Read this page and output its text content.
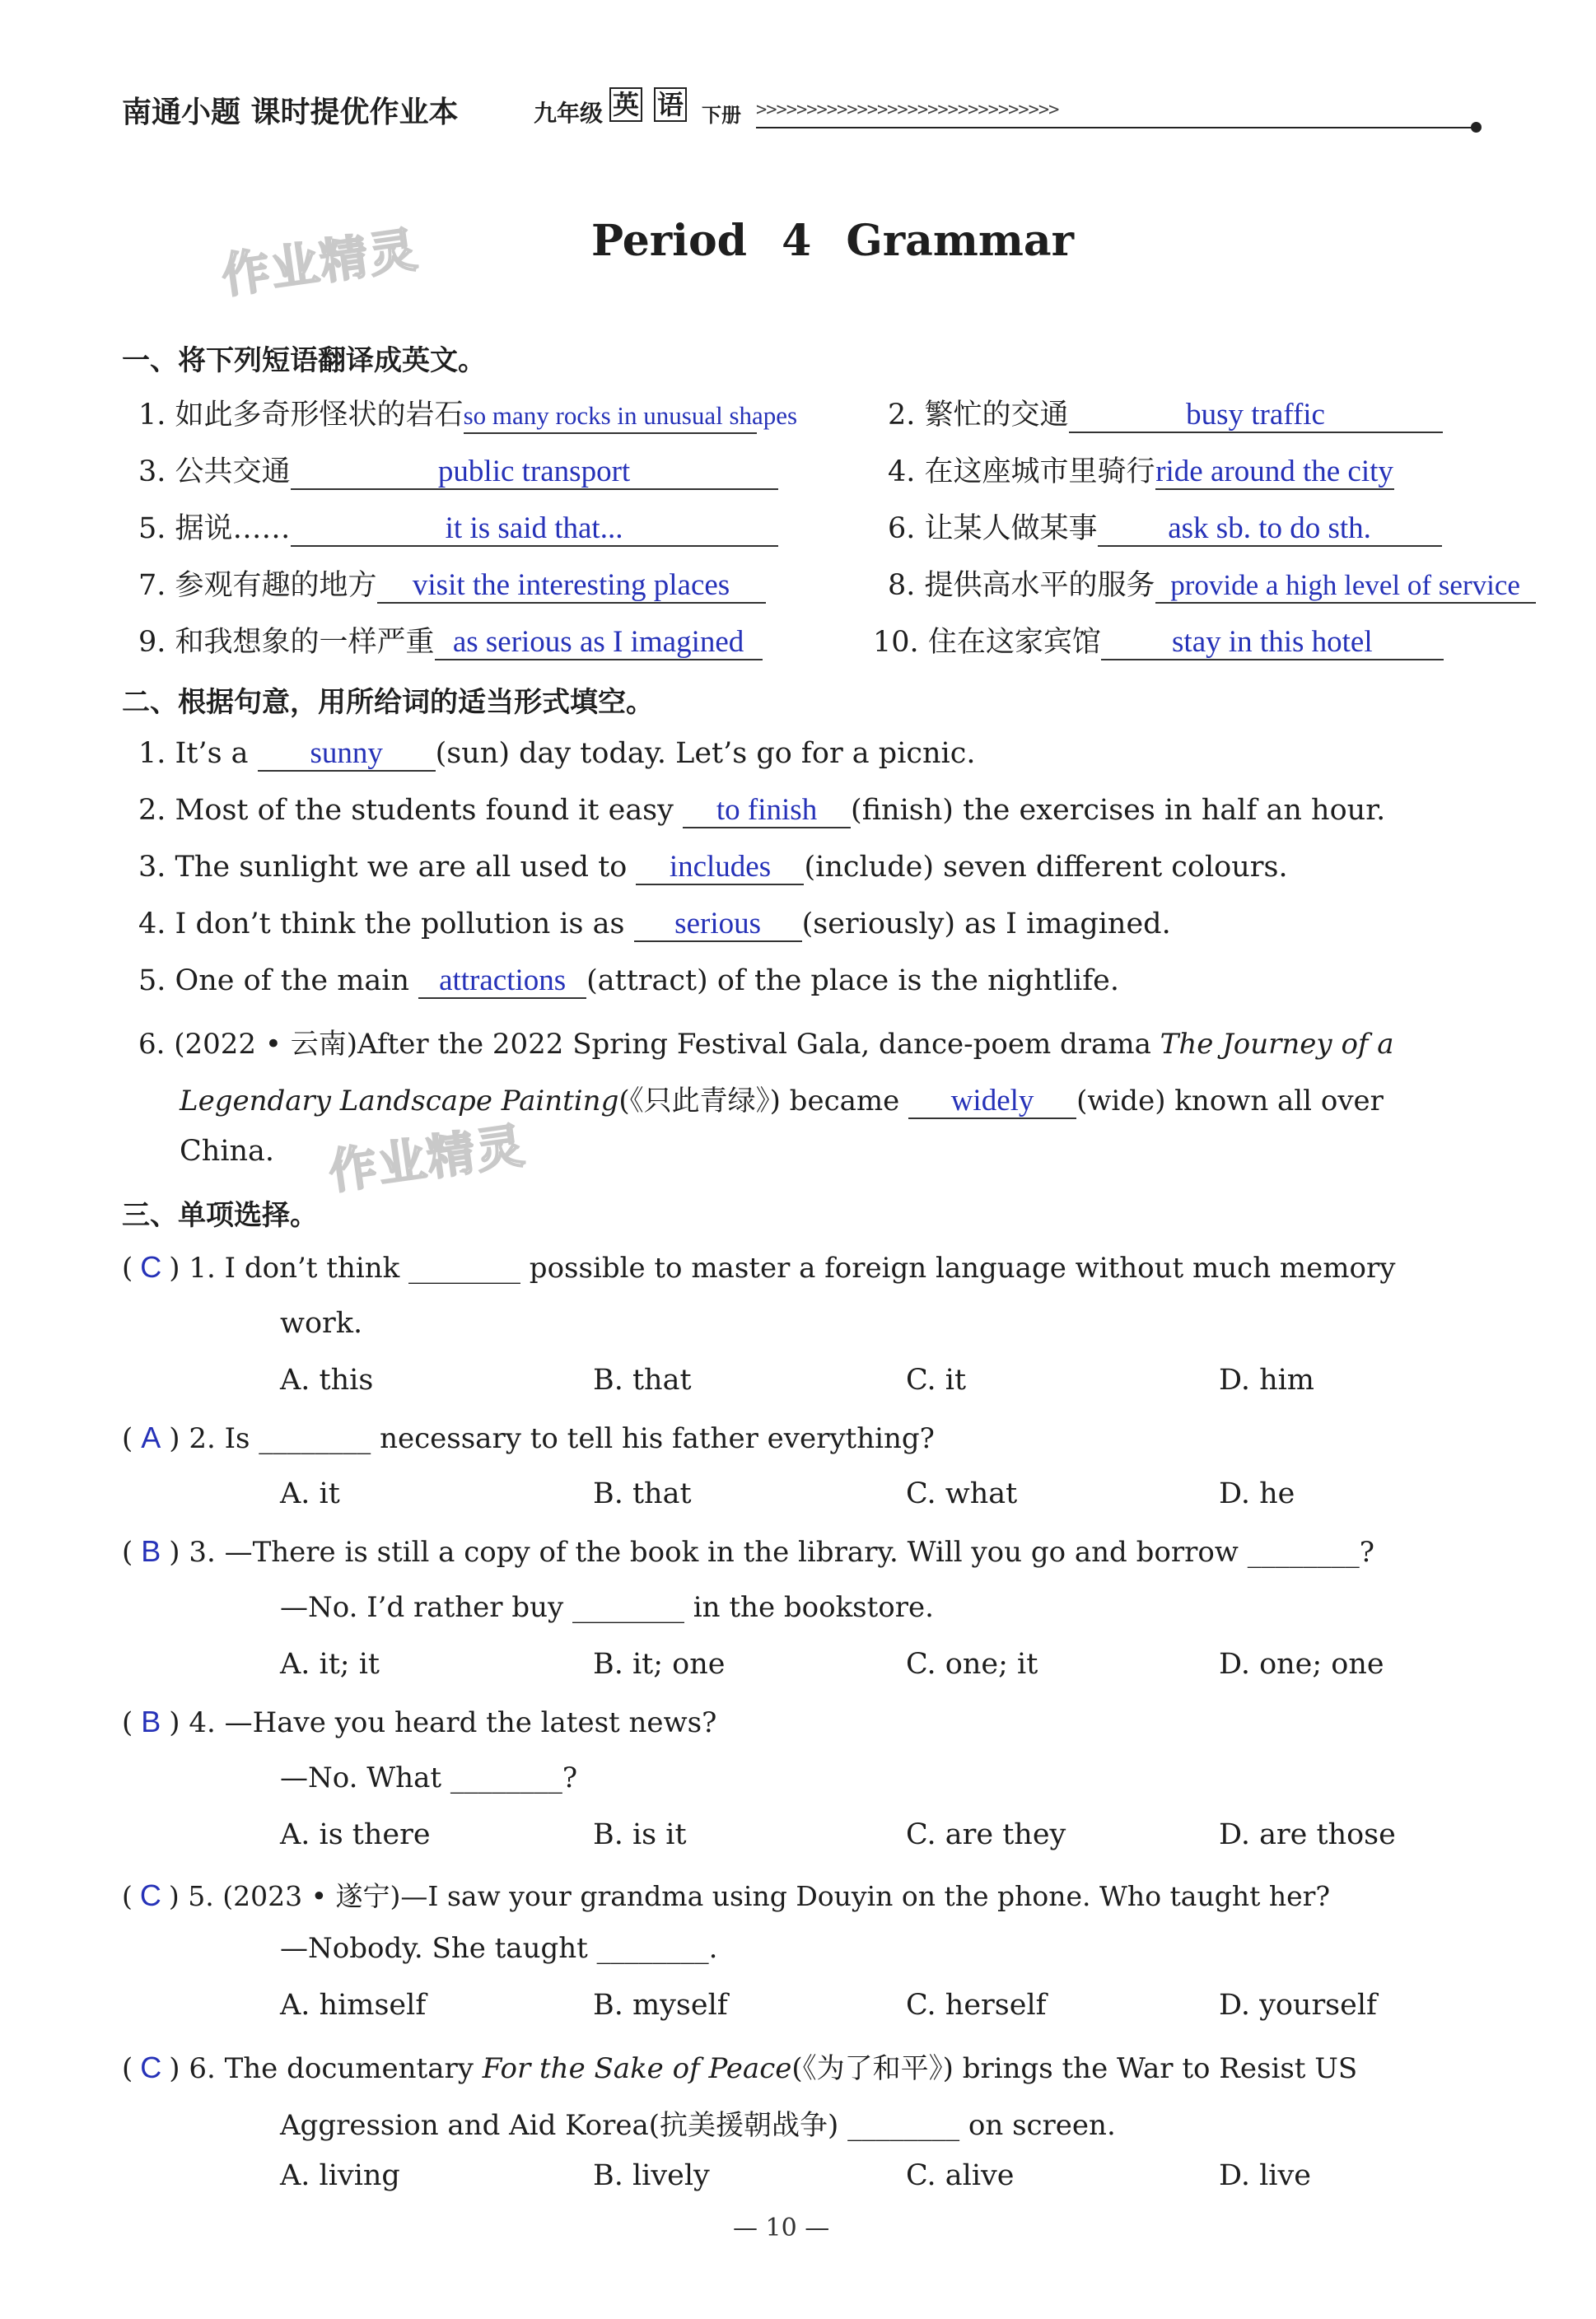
南通小题 课时提优作业本	九年级 英 语 下册 >>>>>>>>>>>>>>>>>>>>>>>>>>>>>>
作业精灵
作业精灵
Period 4 Grammar
一、将下列短语翻译成英文。
1. 如此多奇形怪状的岩石so many rocks in unusual shapes	2. 繁忙的交通	busy traffic
3. 公共交通	public transport	4. 在这座城市里骑行ride around the city
5. 据说……	it is said that...	6. 让某人做某事 ask sb. to do sth.
7. 参观有趣的地方 visit the interesting places	8. 提供高水平的服务 provide a high level of service
9. 和我想象的一样严重 as serious as I imagined	10. 住在这家宾馆 stay in this hotel
二、根据句意，用所给词的适当形式填空。
1. It’s a sunny (sun) day today. Let’s go for a picnic.
2. Most of the students found it easy to finish (finish) the exercises in half an hour.
3. The sunlight we are all used to includes (include) seven different colours.
4. I don’t think the pollution is as serious (seriously) as I imagined.
5. One of the main attractions (attract) of the place is the nightlife.
6. (2022 • 云南)After the 2022 Spring Festival Gala, dance-poem drama The Journey of a
Legendary Landscape Painting(《只此青绿》) became widely (wide) known all over
China.
三、单项选择。
( C ) 1. I don’t think ________ possible to master a foreign language without much memory
work.
A. this	B. that	C. it	D. him
( A ) 2. Is ________ necessary to tell his father everything?
A. it	B. that	C. what	D. he
( B ) 3. —There is still a copy of the book in the library. Will you go and borrow ________?
—No. I’d rather buy ________ in the bookstore.
A. it; it	B. it; one	C. one; it	D. one; one
( B ) 4. —Have you heard the latest news?
—No. What ________?
A. is there	B. is it	C. are they	D. are those
( C ) 5. (2023 • 遂宁)—I saw your grandma using Douyin on the phone. Who taught her?
—Nobody. She taught ________.
A. himself	B. myself	C. herself	D. yourself
( C ) 6. The documentary For the Sake of Peace(《为了和平》) brings the War to Resist US
Aggression and Aid Korea(抗美援朝战争) ________ on screen.
A. living	B. lively	C. alive	D. live
— 10 —
